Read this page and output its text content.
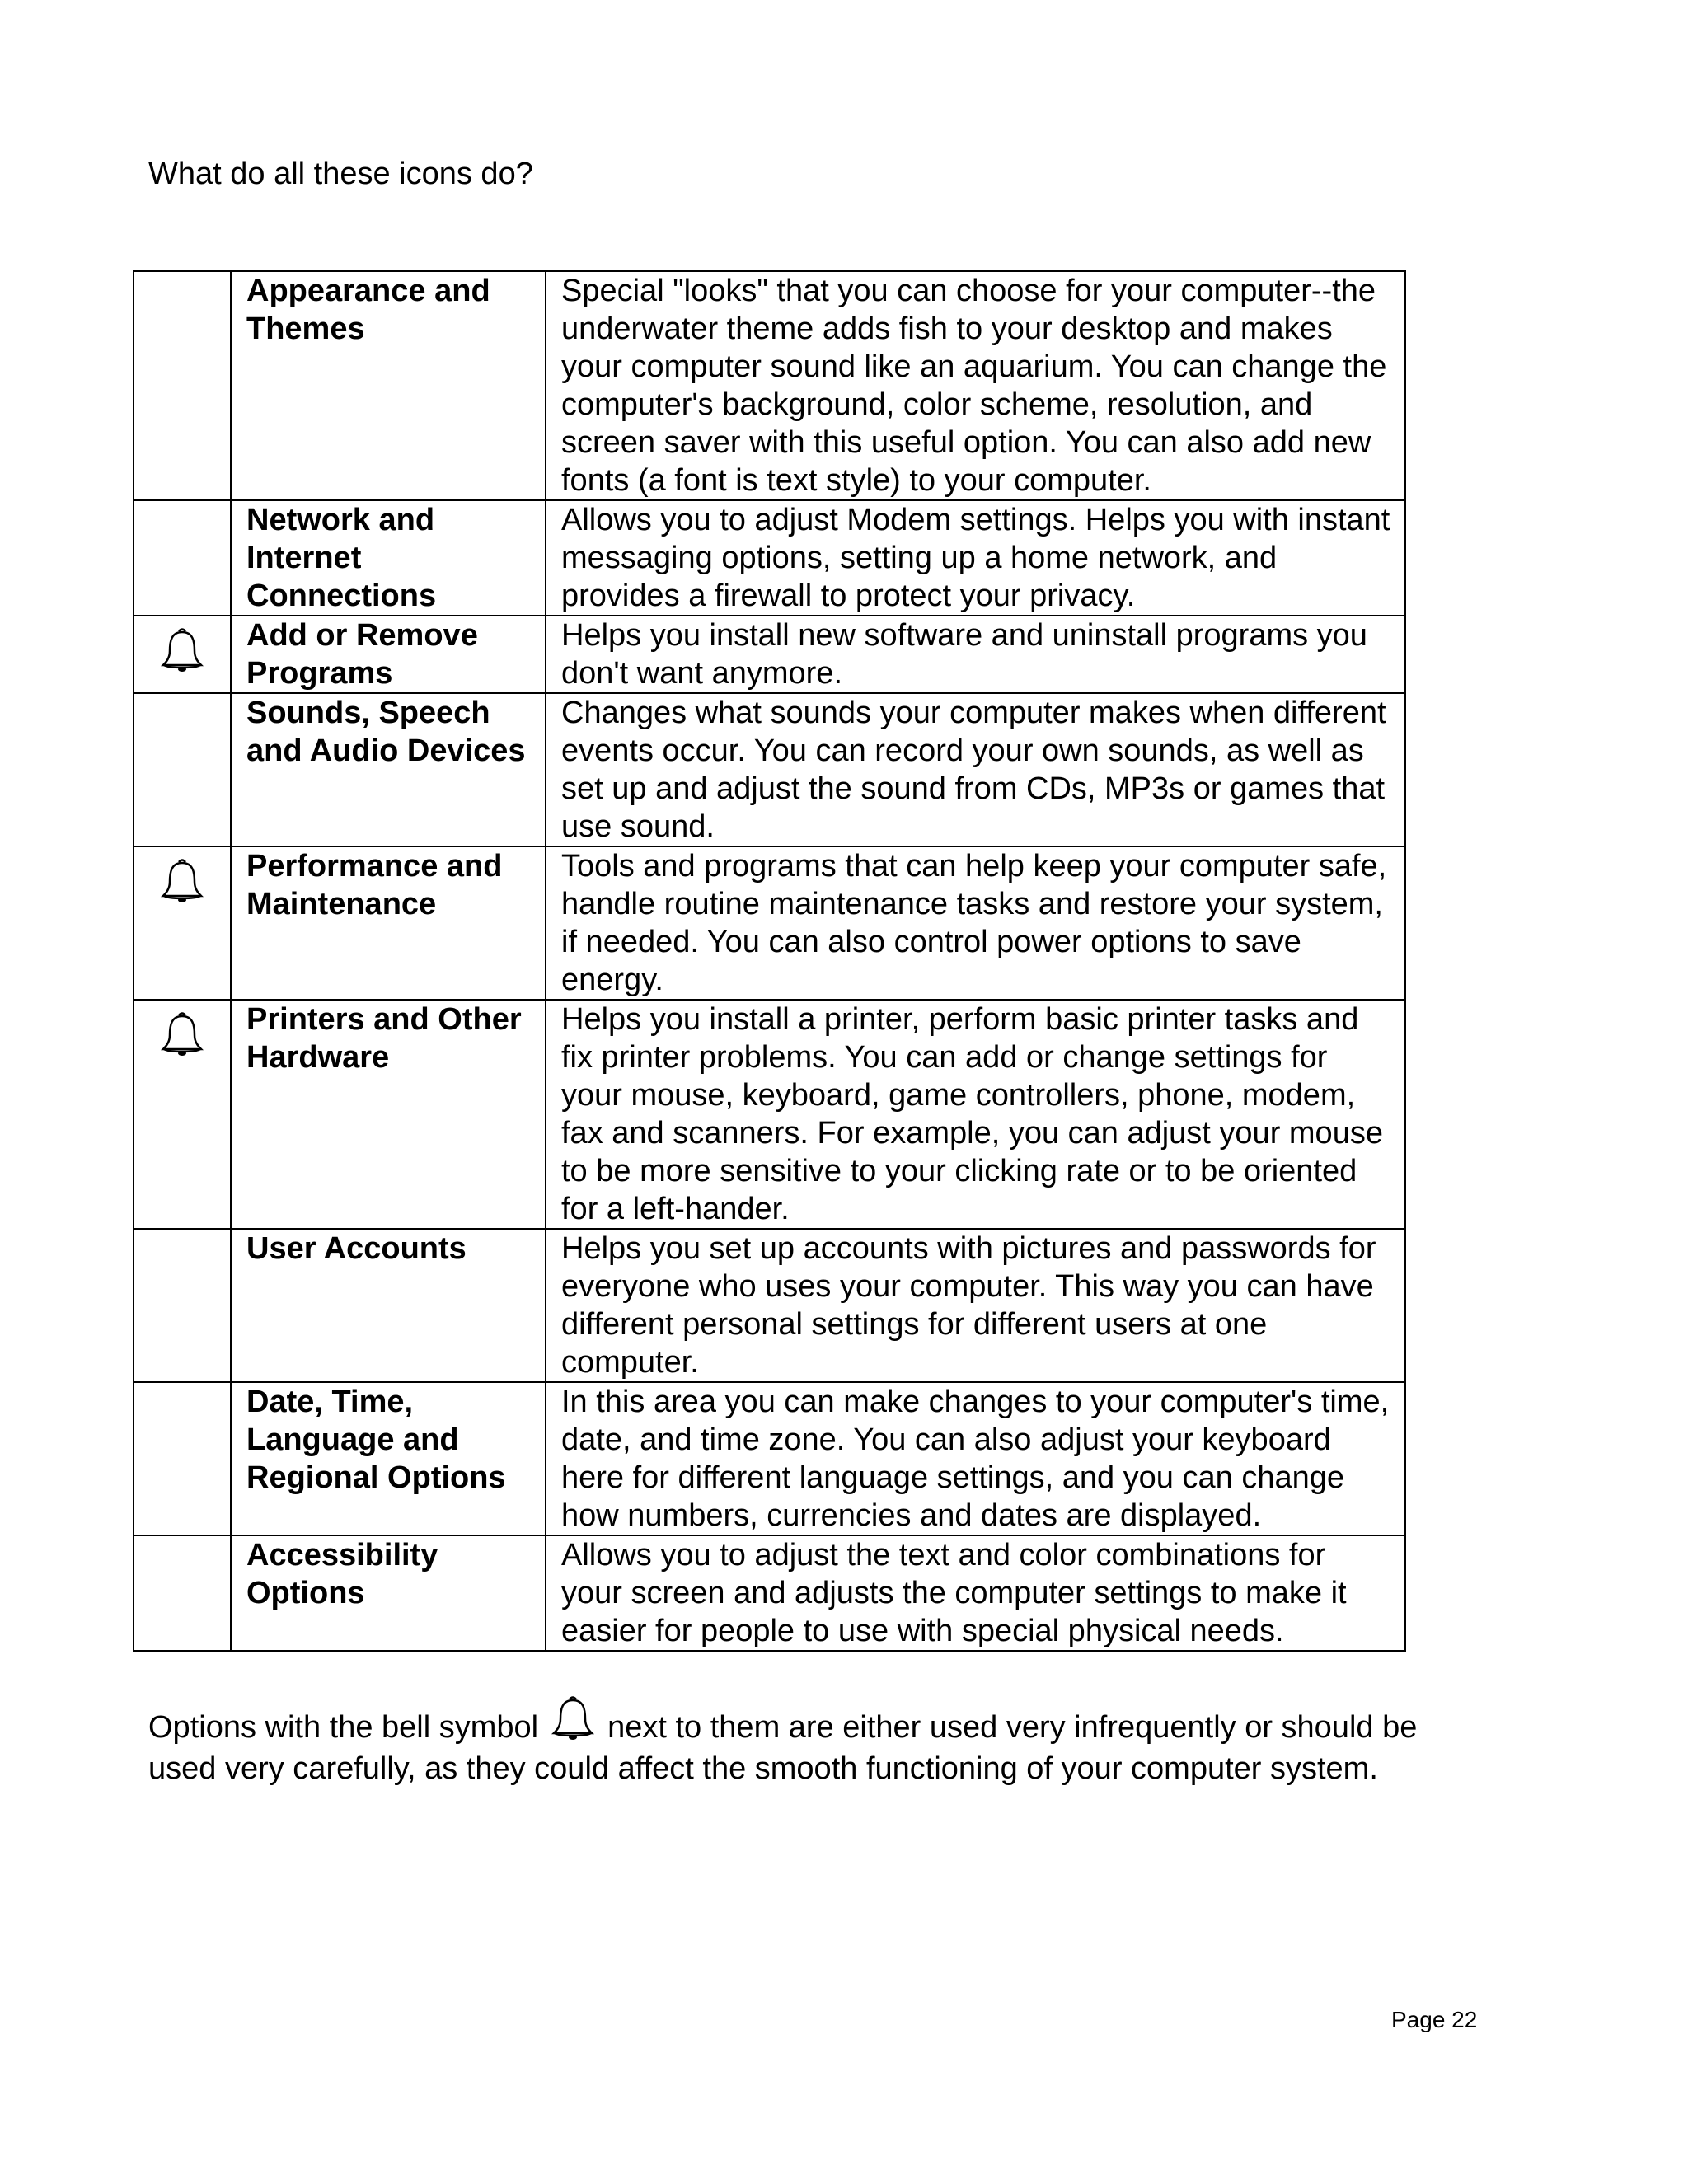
What do all these icons do?
	Appearance and Themes	Special "looks" that you can choose for your computer--the underwater theme adds fish to your desktop and makes your computer sound like an aquarium. You can change the computer's background, color scheme, resolution, and screen saver with this useful option. You can also add new fonts (a font is text style) to your computer.
	Network and Internet Connections	Allows you to adjust Modem settings. Helps you with instant messaging options, setting up a home network, and provides a firewall to protect your privacy.
	Add or Remove Programs	Helps you install new software and uninstall programs you don't want anymore.
	Sounds, Speech and Audio Devices	Changes what sounds your computer makes when different events occur. You can record your own sounds, as well as set up and adjust the sound from CDs, MP3s or games that use sound.
	Performance and Maintenance	Tools and programs that can help keep your computer safe, handle routine maintenance tasks and restore your system, if needed. You can also control power options to save energy.
	Printers and Other Hardware	Helps you install a printer, perform basic printer tasks and fix printer problems. You can add or change settings for your mouse, keyboard, game controllers, phone, modem, fax and scanners. For example, you can adjust your mouse to be more sensitive to your clicking rate or to be oriented for a left-hander.
	User Accounts	Helps you set up accounts with pictures and passwords for everyone who uses your computer. This way you can have different personal settings for different users at one computer.
	Date, Time, Language and Regional Options	In this area you can make changes to your computer's time, date, and time zone. You can also adjust your keyboard here for different language settings, and you can change how numbers, currencies and dates are displayed.
	Accessibility Options	Allows you to adjust the text and color combinations for your screen and adjusts the computer settings to make it easier for people to use with special physical needs.

Options with the bell symbol next to them are either used very infrequently or should be used very carefully, as they could affect the smooth functioning of your computer system.

Page 22
